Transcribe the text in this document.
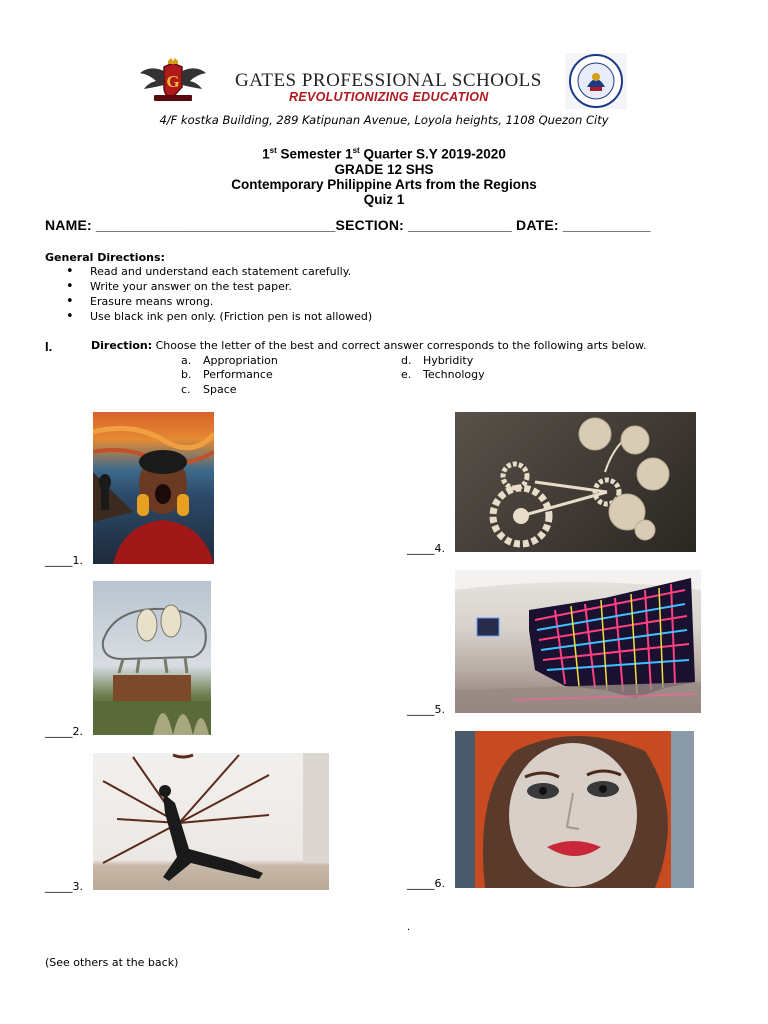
G	GATES PROFESSIONAL SCHOOLS
REVOLUTIONIZING EDUCATION
4/F kostka Building, 289 Katipunan Avenue, Loyola heights, 1108 Quezon City
1st Semester 1st Quarter S.Y 2019-2020
GRADE 12 SHS
Contemporary Philippine Arts from the Regions
Quiz 1
NAME: ______________________________SECTION: _____________ DATE: ___________
General Directions:
• Read and understand each statement carefully.
• Write your answer on the test paper.
• Erasure means wrong.
• Use black ink pen only. (Friction pen is not allowed)
I.	Direction: Choose the letter of the best and correct answer corresponds to the following arts below.
a. Appropriation
b. Performance
c. Space
d. Hybridity
e. Technology
_____1.
_____2.
_____3.
_____4.
_____5.
_____6.
.
(See others at the back)
